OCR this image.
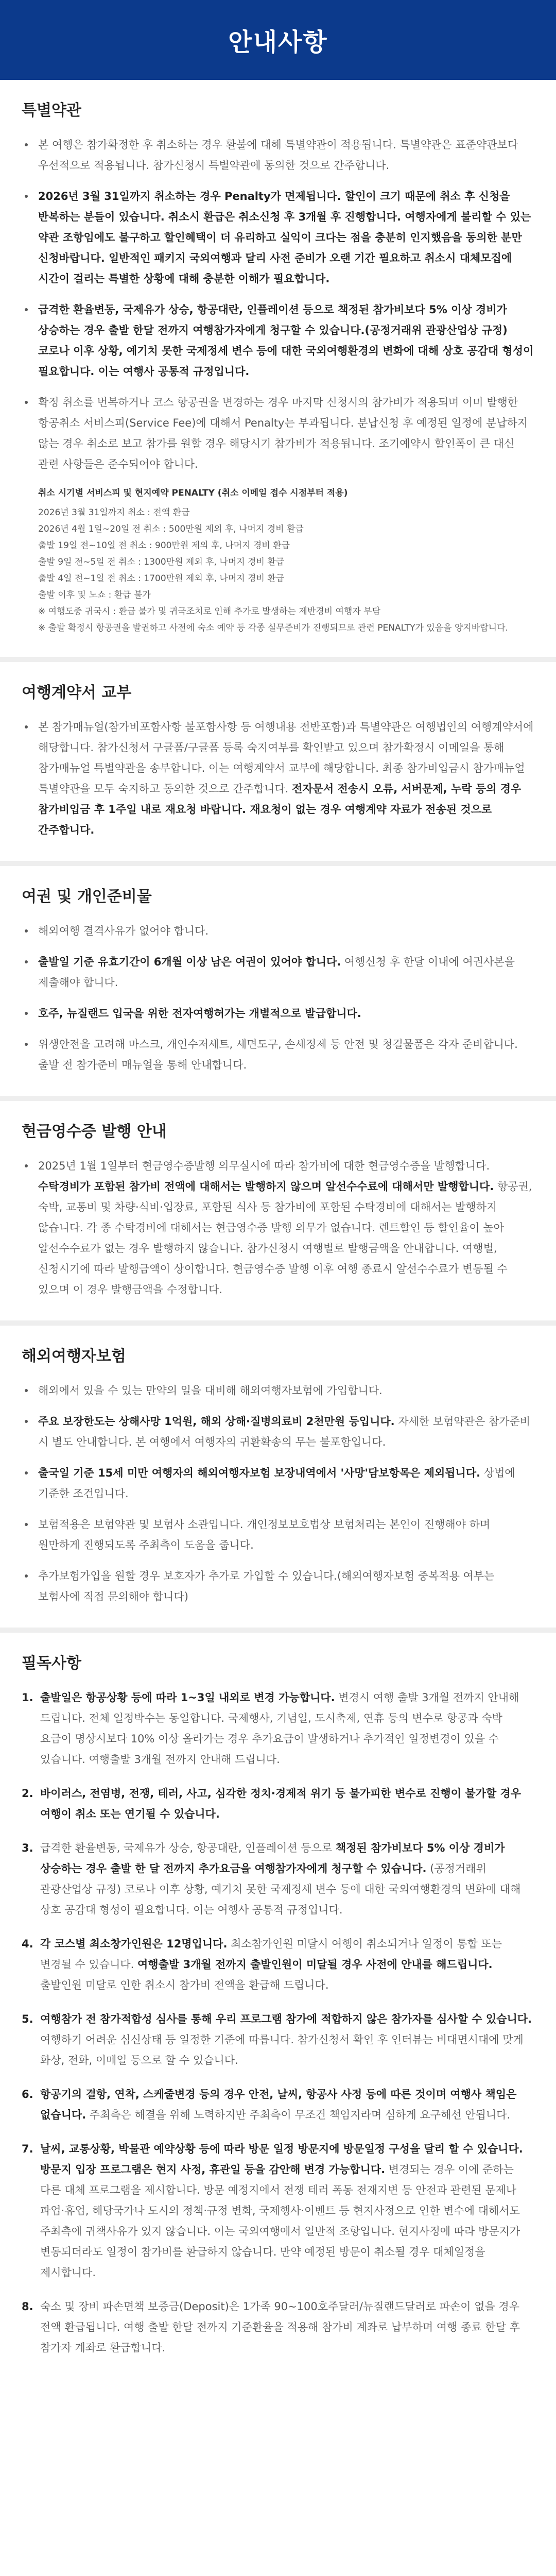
안내사항
특별약관
본 여행은 참가확정한 후 취소하는 경우 환불에 대해 특별약관이 적용됩니다. 특별약관은 표준약관보다 우선적으로 적용됩니다. 참가신청시 특별약관에 동의한 것으로 간주합니다.
2026년 3월 31일까지 취소하는 경우 Penalty가 면제됩니다. 할인이 크기 때문에 취소 후 신청을 반복하는 분들이 있습니다. 취소시 환급은 취소신청 후 3개월 후 진행합니다. 여행자에게 불리할 수 있는 약관 조항임에도 불구하고 할인혜택이 더 유리하고 실익이 크다는 점을 충분히 인지했음을 동의한 분만 신청바랍니다. 일반적인 패키지 국외여행과 달리 사전 준비가 오랜 기간 필요하고 취소시 대체모집에 시간이 걸리는 특별한 상황에 대해 충분한 이해가 필요합니다.
급격한 환율변동, 국제유가 상승, 항공대란, 인플레이션 등으로 책정된 참가비보다 5% 이상 경비가 상승하는 경우 출발 한달 전까지 여행참가자에게 청구할 수 있습니다.(공정거래위 관광산업상 규정) 코로나 이후 상황, 예기치 못한 국제정세 변수 등에 대한 국외여행환경의 변화에 대해 상호 공감대 형성이 필요합니다. 이는 여행사 공통적 규정입니다.
확정 취소를 번복하거나 코스 항공권을 변경하는 경우 마지막 신청시의 참가비가 적용되며 이미 발행한 항공취소 서비스피(Service Fee)에 대해서 Penalty는 부과됩니다. 분납신청 후 예정된 일정에 분납하지 않는 경우 취소로 보고 참가를 원할 경우 해당시기 참가비가 적용됩니다. 조기예약시 할인폭이 큰 대신 관련 사항들은 준수되어야 합니다.
취소 시기별 서비스피 및 현지예약 PENALTY (취소 이메일 접수 시점부터 적용)

2026년 3월 31일까지 취소 : 전액 환급

2026년 4월 1일~20일 전 취소 : 500만원 제외 후, 나머지 경비 환급

출발 19일 전~10일 전 취소 : 900만원 제외 후, 나머지 경비 환급

출발 9일 전~5일 전 취소 : 1300만원 제외 후, 나머지 경비 환급

출발 4일 전~1일 전 취소 : 1700만원 제외 후, 나머지 경비 환급

출발 이후 및 노쇼 : 환급 불가

※ 여행도중 귀국시 : 환급 불가 및 귀국조치로 인해 추가로 발생하는 제반경비 여행자 부담

※ 출발 확정시 항공권을 발권하고 사전에 숙소 예약 등 각종 실무준비가 진행되므로 관련 PENALTY가 있음을 양지바랍니다.

여행계약서 교부
본 참가매뉴얼(참가비포함사항 불포함사항 등 여행내용 전반포함)과 특별약관은 여행법인의 여행계약서에 해당합니다. 참가신청서 구글폼/구글폼 등록 숙지여부를 확인받고 있으며 참가확정시 이메일을 통해 참가매뉴얼 특별약관을 송부합니다. 이는 여행계약서 교부에 해당합니다. 최종 참가비입금시 참가매뉴얼 특별약관을 모두 숙지하고 동의한 것으로 간주합니다. 전자문서 전송시 오류, 서버문제, 누락 등의 경우 참가비입금 후 1주일 내로 재요청 바랍니다. 재요청이 없는 경우 여행계약 자료가 전송된 것으로 간주합니다.
여권 및 개인준비물
해외여행 결격사유가 없어야 합니다.
출발일 기준 유효기간이 6개월 이상 남은 여권이 있어야 합니다. 여행신청 후 한달 이내에 여권사본을 제출해야 합니다.
호주, 뉴질랜드 입국을 위한 전자여행허가는 개별적으로 발급합니다.
위생안전을 고려해 마스크, 개인수저세트, 세면도구, 손세정제 등 안전 및 청결물품은 각자 준비합니다. 출발 전 참가준비 매뉴얼을 통해 안내합니다.
현금영수증 발행 안내
2025년 1월 1일부터 현금영수증발행 의무실시에 따라 참가비에 대한 현금영수증을 발행합니다. 수탁경비가 포함된 참가비 전액에 대해서는 발행하지 않으며 알선수수료에 대해서만 발행합니다. 항공권, 숙박, 교통비 및 차량·식비·입장료, 포함된 식사 등 참가비에 포함된 수탁경비에 대해서는 발행하지 않습니다. 각 종 수탁경비에 대해서는 현금영수증 발행 의무가 없습니다. 렌트할인 등 할인율이 높아 알선수수료가 없는 경우 발행하지 않습니다. 참가신청시 여행별로 발행금액을 안내합니다. 여행별, 신청시기에 따라 발행금액이 상이합니다. 현금영수증 발행 이후 여행 종료시 알선수수료가 변동될 수 있으며 이 경우 발행금액을 수정합니다.
해외여행자보험
해외에서 있을 수 있는 만약의 일을 대비해 해외여행자보험에 가입합니다.
주요 보장한도는 상해사망 1억원, 해외 상해·질병의료비 2천만원 등입니다. 자세한 보험약관은 참가준비 시 별도 안내합니다. 본 여행에서 여행자의 귀환확송의 무는 불포함입니다.
출국일 기준 15세 미만 여행자의 해외여행자보험 보장내역에서 '사망'담보항목은 제외됩니다. 상법에 기준한 조건입니다.
보험적용은 보험약관 및 보험사 소관입니다. 개인정보보호법상 보험처리는 본인이 진행해야 하며 원만하게 진행되도록 주최측이 도움을 줍니다.
추가보험가입을 원할 경우 보호자가 추가로 가입할 수 있습니다.(해외여행자보험 중복적용 여부는 보험사에 직접 문의해야 합니다)
필독사항
1. 출발일은 항공상황 등에 따라 1~3일 내외로 변경 가능합니다. 변경시 여행 출발 3개월 전까지 안내해 드립니다. 전체 일정박수는 동일합니다. 국제행사, 기념일, 도시축제, 연휴 등의 변수로 항공과 숙박 요금이 명상시보다 10% 이상 올라가는 경우 추가요금이 발생하거나 추가적인 일정변경이 있을 수 있습니다. 여행출발 3개월 전까지 안내해 드립니다.
2. 바이러스, 전염병, 전쟁, 테러, 사고, 심각한 정치·경제적 위기 등 불가피한 변수로 진행이 불가할 경우 여행이 취소 또는 연기될 수 있습니다.
3. 급격한 환율변동, 국제유가 상승, 항공대란, 인플레이션 등으로 책정된 참가비보다 5% 이상 경비가 상승하는 경우 출발 한 달 전까지 추가요금을 여행참가자에게 청구할 수 있습니다. (공정거래위 관광산업상 규정) 코로나 이후 상황, 예기치 못한 국제정세 변수 등에 대한 국외여행환경의 변화에 대해 상호 공감대 형성이 필요합니다. 이는 여행사 공통적 규정입니다.
4. 각 코스별 최소창가인원은 12명입니다. 최소참가인원 미달시 여행이 취소되거나 일정이 통합 또는 변경될 수 있습니다. 여행출발 3개월 전까지 출발인원이 미달될 경우 사전에 안내를 해드립니다. 출발인원 미달로 인한 취소시 참가비 전액을 환급해 드립니다.
5. 여행참가 전 참가적합성 심사를 통해 우리 프로그램 참가에 적합하지 않은 참가자를 심사할 수 있습니다. 여행하기 어려운 심신상태 등 일정한 기준에 따릅니다. 참가신청서 확인 후 인터뷰는 비대면시대에 맞게 화상, 전화, 이메일 등으로 할 수 있습니다.
6. 항공기의 결항, 연착, 스케줄변경 등의 경우 안전, 날씨, 항공사 사정 등에 따른 것이며 여행사 책임은 없습니다. 주최측은 해결을 위해 노력하지만 주최측이 무조건 책임지라며 심하게 요구해선 안됩니다.
7. 날씨, 교통상황, 박물관 예약상황 등에 따라 방문 일정 방문지에 방문일정 구성을 달리 할 수 있습니다. 방문지 입장 프로그램은 현지 사정, 휴관일 등을 감안해 변경 가능합니다. 변경되는 경우 이에 준하는 다른 대체 프로그램을 제시합니다. 방문 예정지에서 전쟁 테러 폭동 전재지변 등 안전과 관련된 문제나 파업·휴업, 해당국가나 도시의 정책·규정 변화, 국제행사·이벤트 등 현지사정으로 인한 변수에 대해서도 주최측에 귀책사유가 있지 않습니다. 이는 국외여행에서 일반적 조항입니다. 현지사정에 따라 방문지가 변동되더라도 일정이 참가비를 환급하지 않습니다. 만약 예정된 방문이 취소될 경우 대체일정을 제시합니다.
8. 숙소 및 장비 파손면책 보증금(Deposit)은 1가족 90~100호주달러/뉴질랜드달러로 파손이 없을 경우 전액 환급됩니다. 여행 출발 한달 전까지 기준환율을 적용해 참가비 계좌로 납부하며 여행 종료 한달 후 참가자 계좌로 환급합니다.
